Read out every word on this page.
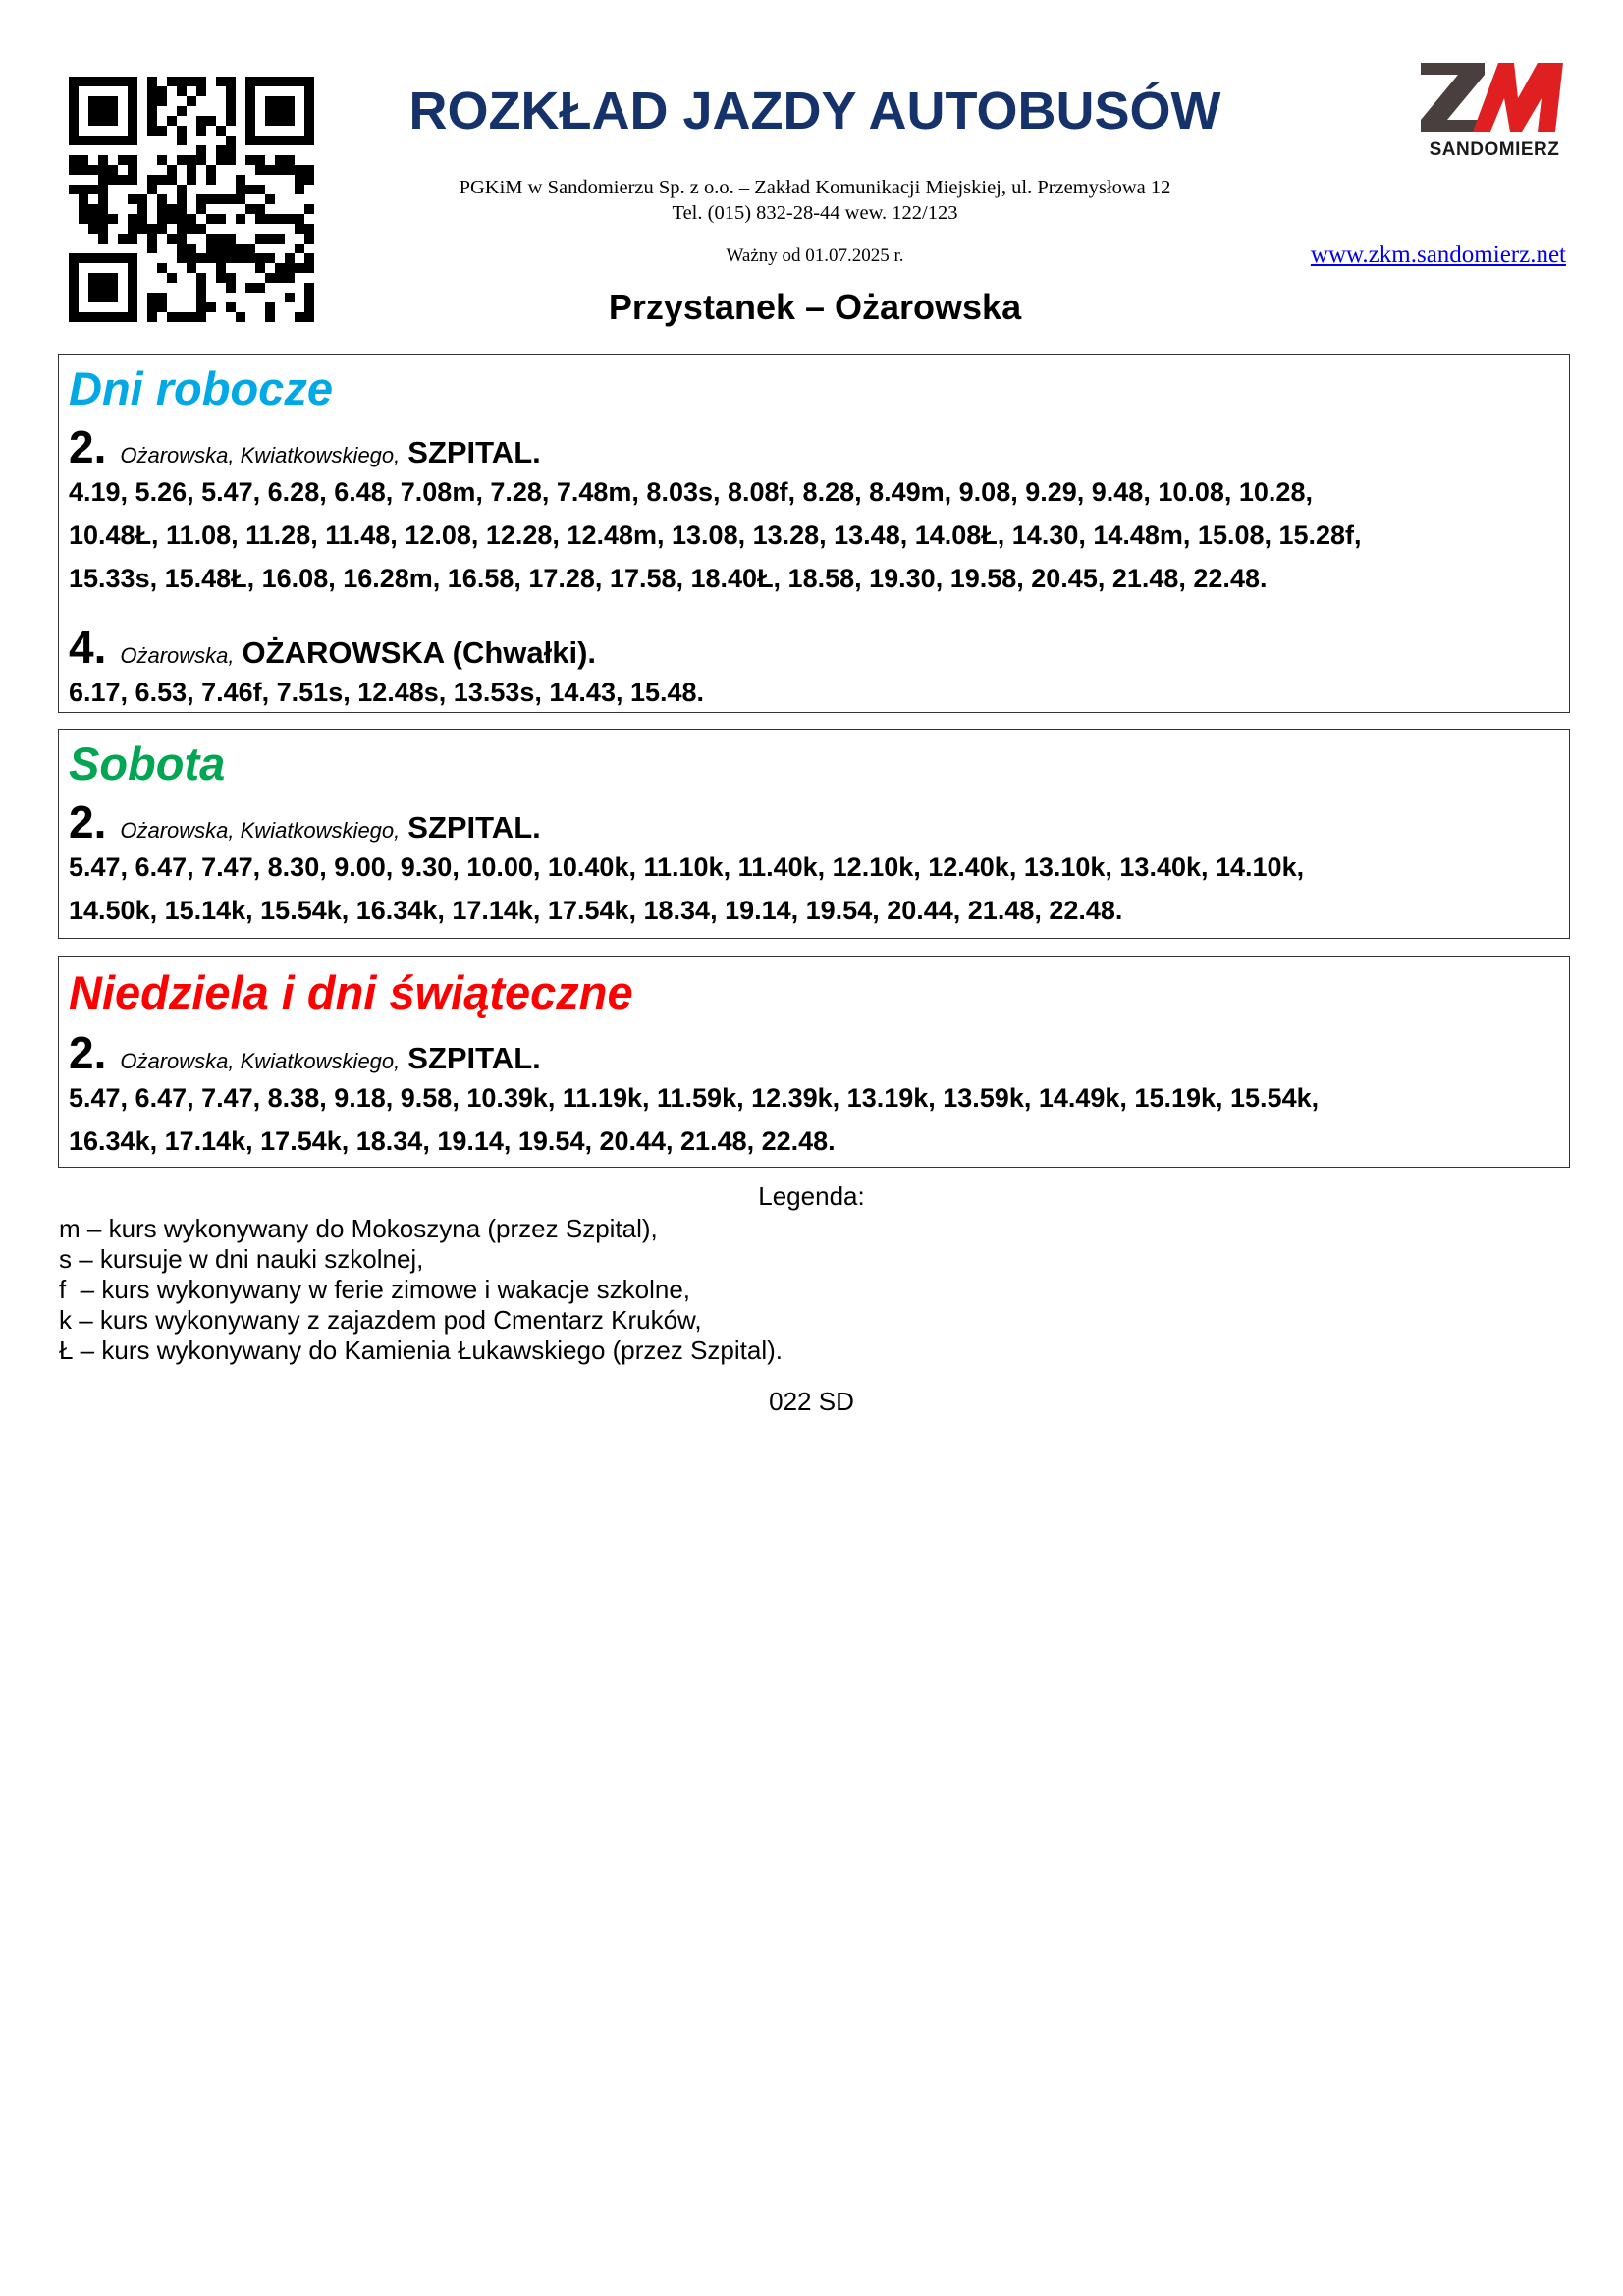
SANDOMIERZ
ROZKŁAD JAZDY AUTOBUSÓW
PGKiM w Sandomierzu Sp. z o.o. – Zakład Komunikacji Miejskiej, ul. Przemysłowa 12
Tel. (015) 832-28-44 wew. 122/123
Ważny od 01.07.2025 r.	www.zkm.sandomierz.net
Przystanek – Ożarowska
Dni robocze
2. Ożarowska, Kwiatkowskiego, SZPITAL.
4.19, 5.26, 5.47, 6.28, 6.48, 7.08m, 7.28, 7.48m, 8.03s, 8.08f, 8.28, 8.49m, 9.08, 9.29, 9.48, 10.08, 10.28,
10.48Ł, 11.08, 11.28, 11.48, 12.08, 12.28, 12.48m, 13.08, 13.28, 13.48, 14.08Ł, 14.30, 14.48m, 15.08, 15.28f,
15.33s, 15.48Ł, 16.08, 16.28m, 16.58, 17.28, 17.58, 18.40Ł, 18.58, 19.30, 19.58, 20.45, 21.48, 22.48.
4. Ożarowska, OŻAROWSKA (Chwałki).
6.17, 6.53, 7.46f, 7.51s, 12.48s, 13.53s, 14.43, 15.48.
Sobota
2. Ożarowska, Kwiatkowskiego, SZPITAL.
5.47, 6.47, 7.47, 8.30, 9.00, 9.30, 10.00, 10.40k, 11.10k, 11.40k, 12.10k, 12.40k, 13.10k, 13.40k, 14.10k,
14.50k, 15.14k, 15.54k, 16.34k, 17.14k, 17.54k, 18.34, 19.14, 19.54, 20.44, 21.48, 22.48.
Niedziela i dni świąteczne
2. Ożarowska, Kwiatkowskiego, SZPITAL.
5.47, 6.47, 7.47, 8.38, 9.18, 9.58, 10.39k, 11.19k, 11.59k, 12.39k, 13.19k, 13.59k, 14.49k, 15.19k, 15.54k,
16.34k, 17.14k, 17.54k, 18.34, 19.14, 19.54, 20.44, 21.48, 22.48.
Legenda:
m – kurs wykonywany do Mokoszyna (przez Szpital),
s – kursuje w dni nauki szkolnej,
f  – kurs wykonywany w ferie zimowe i wakacje szkolne,
k – kurs wykonywany z zajazdem pod Cmentarz Kruków,
Ł – kurs wykonywany do Kamienia Łukawskiego (przez Szpital).
022 SD
